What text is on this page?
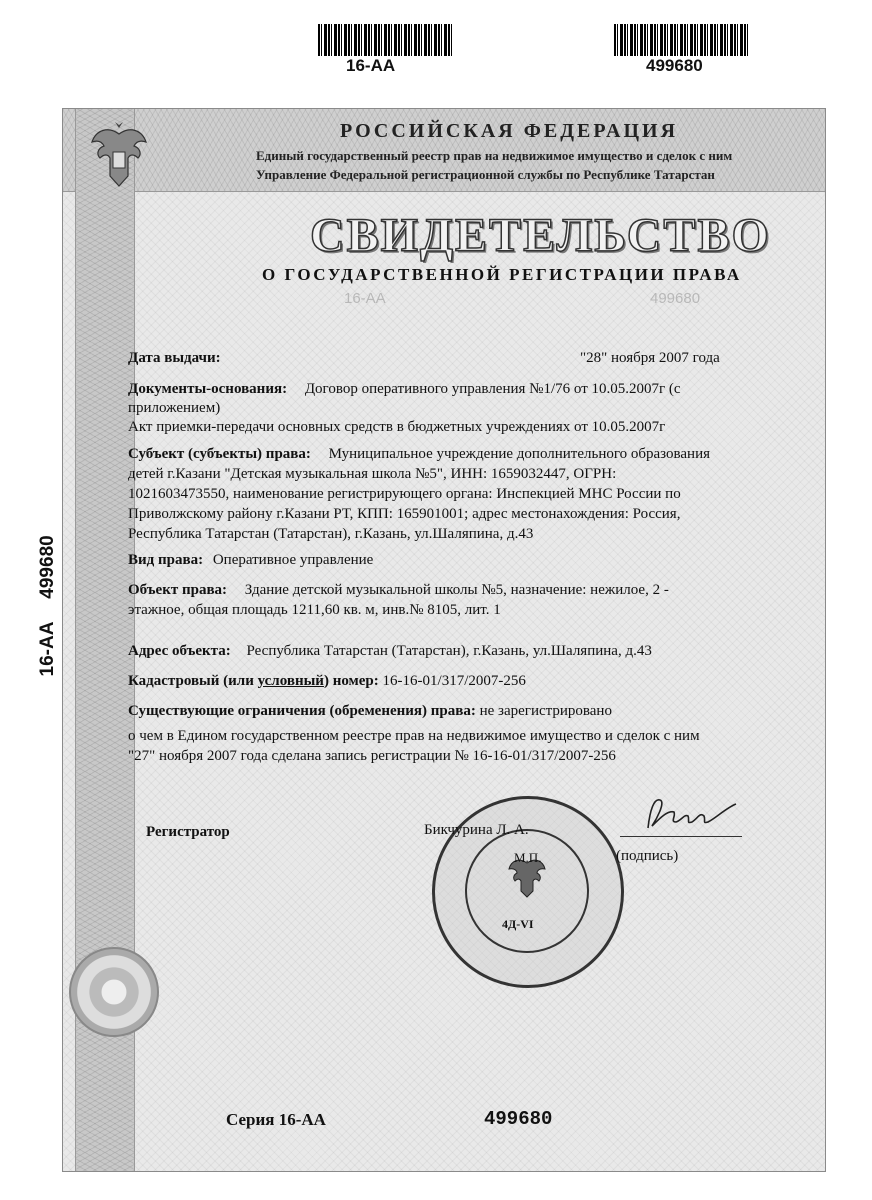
16-AA	499680
РОССИЙСКАЯ ФЕДЕРАЦИЯ
Единый государственный реестр прав на недвижимое имущество и сделок с ним
Управление Федеральной регистрационной службы по Республике Татарстан
СВИДЕТЕЛЬСТВО
О ГОСУДАРСТВЕННОЙ РЕГИСТРАЦИИ ПРАВА
16-AA	499680
Дата выдачи:	"28" ноября 2007 года
Документы-основания: Договор оперативного управления №1/76 от 10.05.2007г (с
приложением)
Акт приемки-передачи основных средств в бюджетных учреждениях от 10.05.2007г
Субъект (субъекты) права: Муниципальное учреждение дополнительного образования
детей г.Казани "Детская музыкальная школа №5", ИНН: 1659032447, ОГРН:
1021603473550, наименование регистрирующего органа: Инспекцией МНС России по
Приволжскому району г.Казани РТ, КПП: 165901001; адрес местонахождения: Россия,
Республика Татарстан (Татарстан), г.Казань, ул.Шаляпина, д.43
Вид права: Оперативное управление
Объект права: Здание детской музыкальной школы №5, назначение: нежилое, 2 -
этажное, общая площадь 1211,60 кв. м, инв.№ 8105, лит. 1
Адрес объекта: Республика Татарстан (Татарстан), г.Казань, ул.Шаляпина, д.43
Кадастровый (или условный) номер: 16-16-01/317/2007-256
Существующие ограничения (обременения) права: не зарегистрировано
о чем в Едином государственном реестре прав на недвижимое имущество и сделок с ним
"27" ноября 2007 года сделана запись регистрации № 16-16-01/317/2007-256
Регистратор
4Д-VI
Бикчурина Л. А.
М.П.	(подпись)
Серия 16-АА	499680
16-AA
499680
